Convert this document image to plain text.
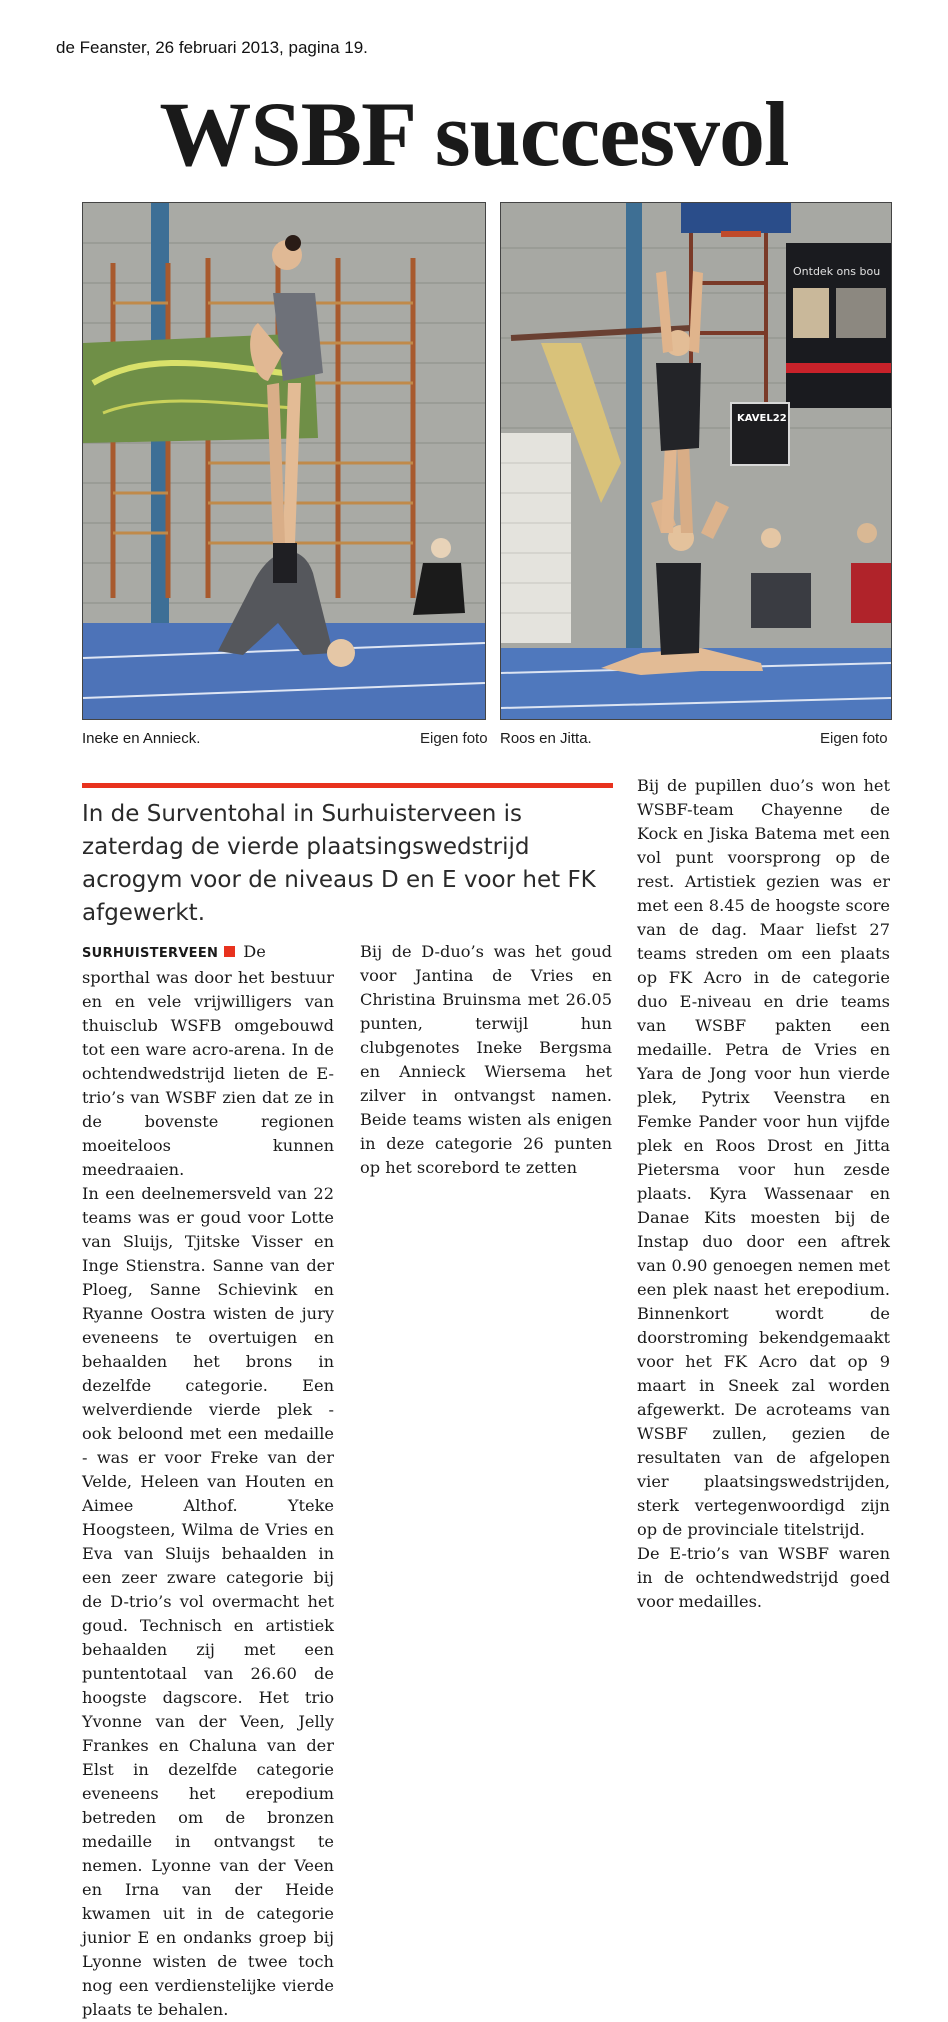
de Feanster, 26 februari 2013, pagina 19.
WSBF succesvol
Ontdek ons bou
KAVEL22
Ineke en Annieck.	Eigen foto Roos en Jitta.	Eigen foto
In de Surventohal in Surhuisterveen is zaterdag de vierde plaatsingswedstrijd acrogym voor de niveaus D en E voor het FK afgewerkt.

SURHUISTERVEEN De sporthal was door het bestuur en en vele vrijwilligers van thuisclub WSFB omgebouwd tot een ware acro-arena. In de ochtendwedstrijd lieten de E-trio’s van WSBF zien dat ze in de bovenste regionen moeiteloos kunnen meedraaien.

In een deelnemersveld van 22 teams was er goud voor Lotte van Sluijs, Tjitske Visser en Inge Stienstra. Sanne van der Ploeg, Sanne Schievink en Ryanne Oostra wisten de jury eveneens te overtuigen en behaalden het brons in dezelfde categorie. Een welverdiende vierde plek - ook beloond met een medaille - was er voor Freke van der Velde, Heleen van Houten en Aimee Althof. Yteke Hoogsteen, Wilma de Vries en Eva van Sluijs behaalden in een zeer zware categorie bij de D-trio’s vol overmacht het goud. Technisch en artistiek behaalden zij met een puntentotaal van 26.60 de hoogste dagscore. Het trio Yvonne van der Veen, Jelly Frankes en Chaluna van der Elst in dezelfde categorie eveneens het erepodium betreden om de bronzen medaille in ontvangst te nemen. Lyonne van der Veen en Irna van der Heide kwamen uit in de categorie junior E en ondanks groep bij Lyonne wisten de twee toch nog een verdienstelijke vierde plaats te behalen.

Bij de D-duo’s was het goud voor Jantina de Vries en Christina Bruinsma met 26.05 punten, terwijl hun clubgenotes Ineke Bergsma en Annieck Wiersema het zilver in ontvangst namen. Beide teams wisten als enigen in deze categorie 26 punten op het scorebord te zetten

Bij de pupillen duo’s won het WSBF-team Chayenne de Kock en Jiska Batema met een vol punt voorsprong op de rest. Artistiek gezien was er met een 8.45 de hoogste score van de dag. Maar liefst 27 teams streden om een plaats op FK Acro in de categorie duo E-niveau en drie teams van WSBF pakten een medaille. Petra de Vries en Yara de Jong voor hun vierde plek, Pytrix Veenstra en Femke Pander voor hun vijfde plek en Roos Drost en Jitta Pietersma voor hun zesde plaats. Kyra Wassenaar en Danae Kits moesten bij de Instap duo door een aftrek van 0.90 genoegen nemen met een plek naast het erepodium. Binnenkort wordt de doorstroming bekendgemaakt voor het FK Acro dat op 9 maart in Sneek zal worden afgewerkt. De acroteams van WSBF zullen, gezien de resultaten van de afgelopen vier plaatsingswedstrijden, sterk vertegenwoordigd zijn op de provinciale titelstrijd.

De E-trio’s van WSBF waren in de ochtendwedstrijd goed voor medailles.
